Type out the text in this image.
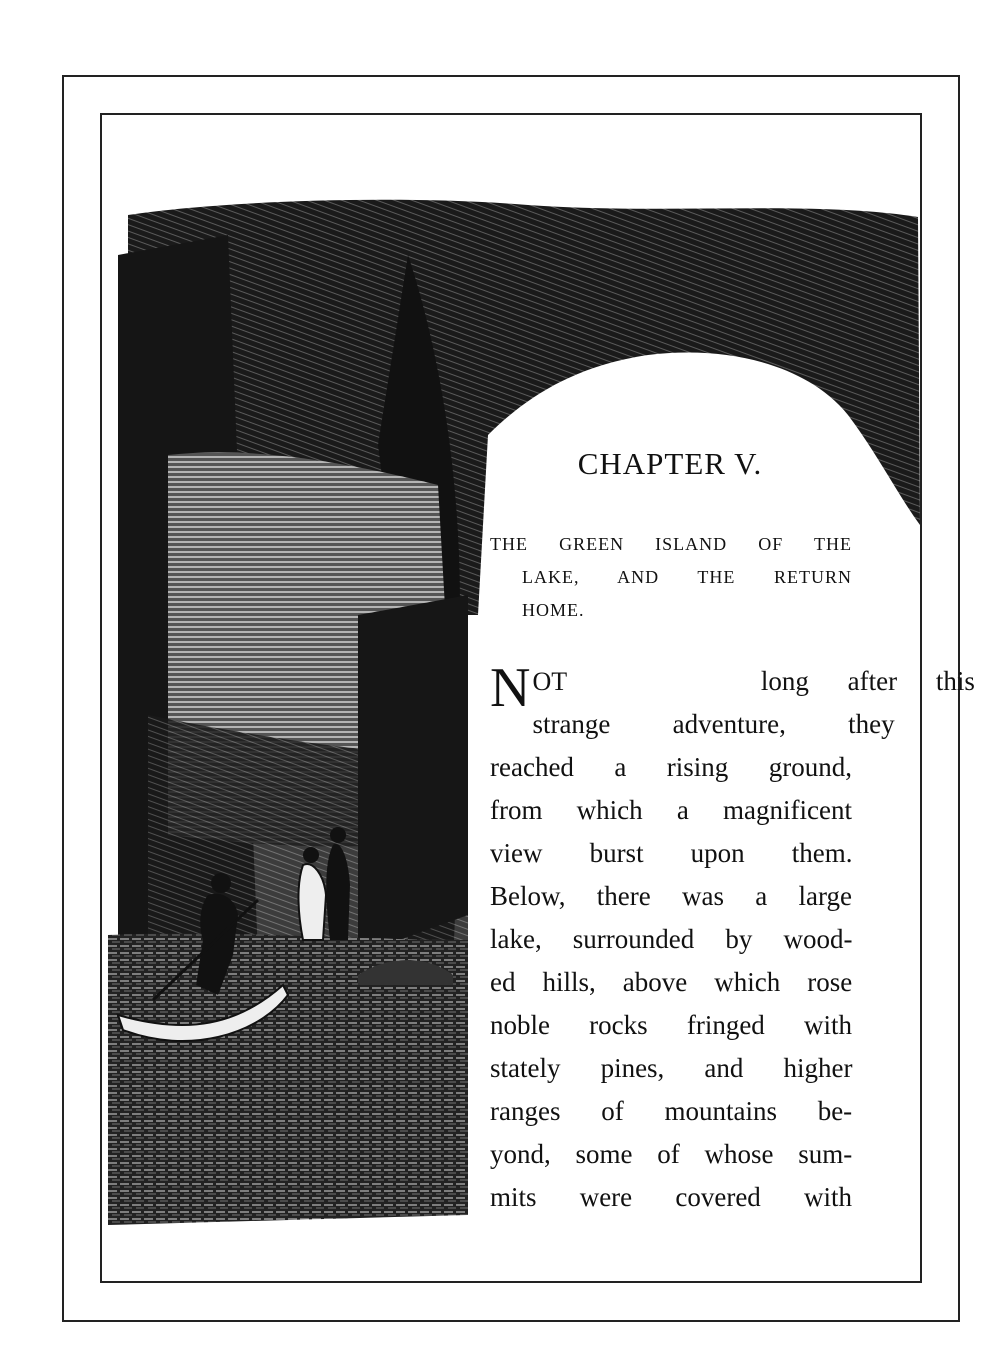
CHAPTER V.

THE GREEN ISLAND OF THE
LAKE, AND THE RETURN
HOME.

N OT	long after this
strange adventure, they
reached a rising ground,
from which a magnificent
view burst upon them.
Below, there was a large
lake, surrounded by wood-
ed hills, above which rose
noble rocks fringed with
stately pines, and higher
ranges of mountains be-
yond, some of whose sum-
mits were covered with
